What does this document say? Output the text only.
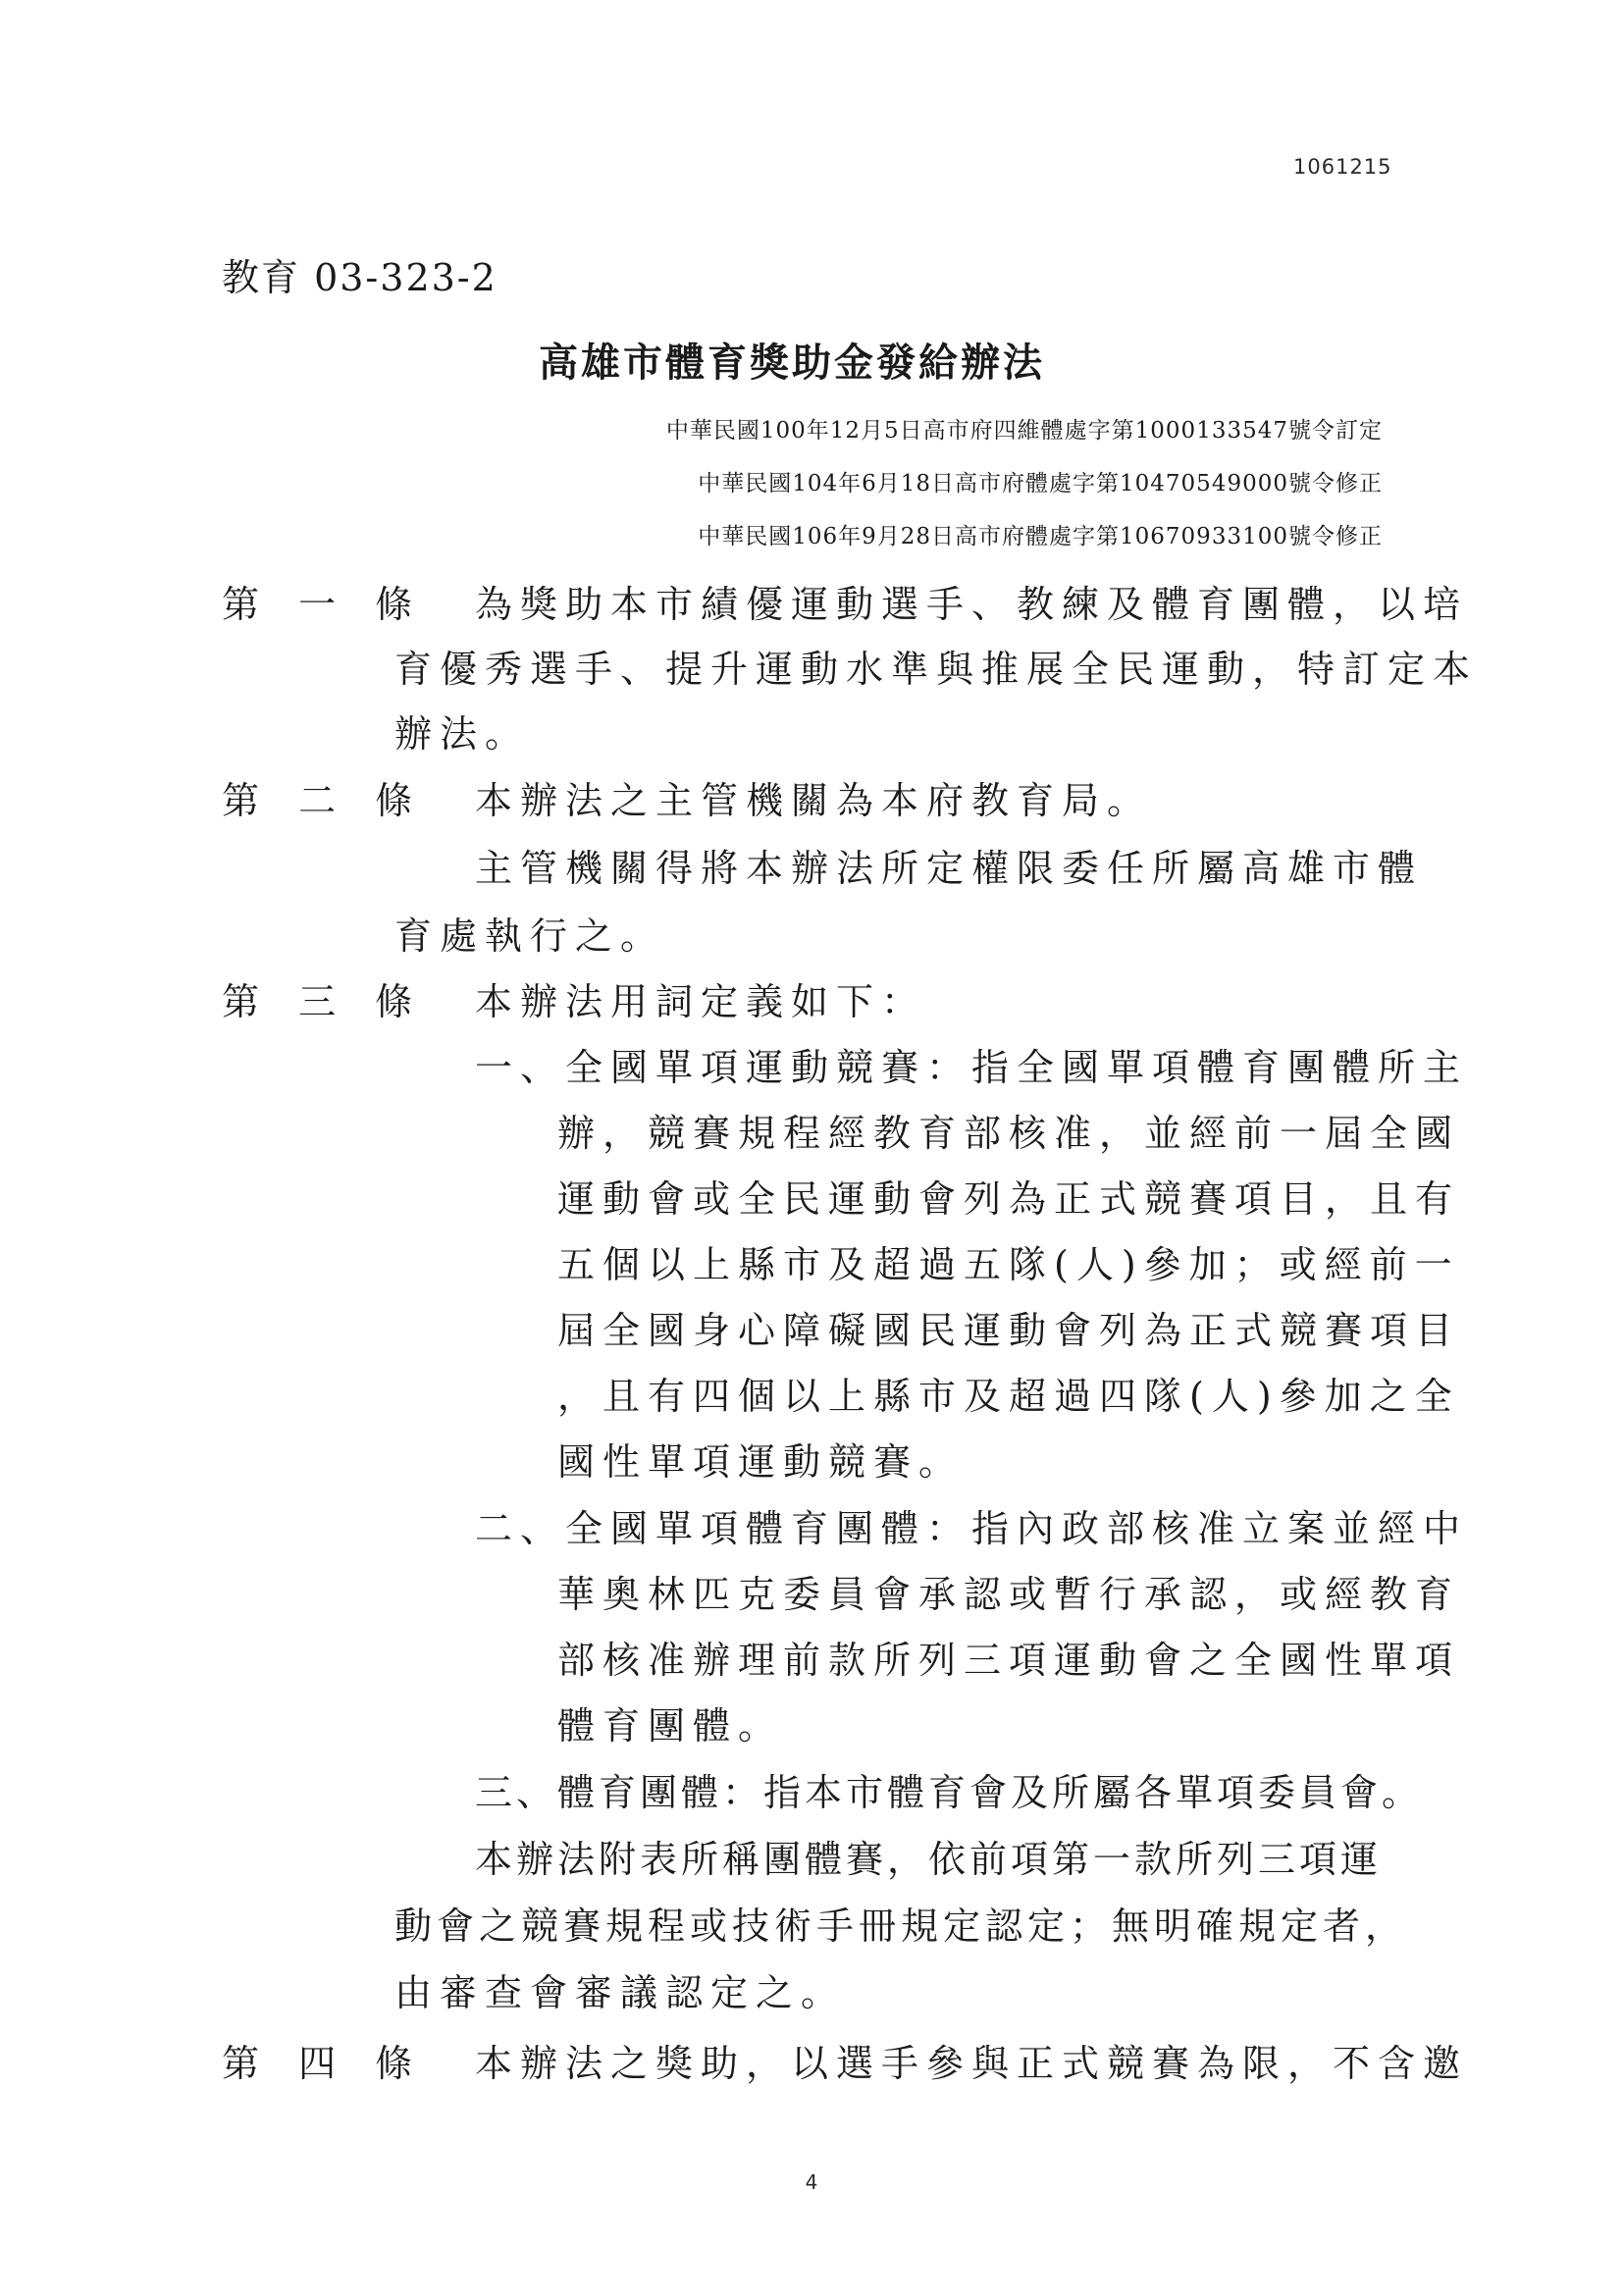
1061215
教育 03-323-2
高雄市體育獎助金發給辦法
中華民國100年12月5日高市府四維體處字第1000133547號令訂定
中華民國104年6月18日高市府體處字第10470549000號令修正
中華民國106年9月28日高市府體處字第10670933100號令修正
第 一 條 為獎助本市績優運動選手、教練及體育團體，以培
育優秀選手、提升運動水準與推展全民運動，特訂定本
辦法。
第 二 條 本辦法之主管機關為本府教育局。
主管機關得將本辦法所定權限委任所屬高雄市體
育處執行之。
第 三 條 本辦法用詞定義如下：
一、全國單項運動競賽：指全國單項體育團體所主
辦，競賽規程經教育部核准，並經前一屆全國
運動會或全民運動會列為正式競賽項目，且有
五個以上縣市及超過五隊(人)參加；或經前一
屆全國身心障礙國民運動會列為正式競賽項目
，且有四個以上縣市及超過四隊(人)參加之全
國性單項運動競賽。
二、全國單項體育團體：指內政部核准立案並經中
華奧林匹克委員會承認或暫行承認，或經教育
部核准辦理前款所列三項運動會之全國性單項
體育團體。
三、體育團體：指本市體育會及所屬各單項委員會。
本辦法附表所稱團體賽，依前項第一款所列三項運
動會之競賽規程或技術手冊規定認定；無明確規定者，
由審查會審議認定之。
第 四 條 本辦法之獎助，以選手參與正式競賽為限，不含邀
4
